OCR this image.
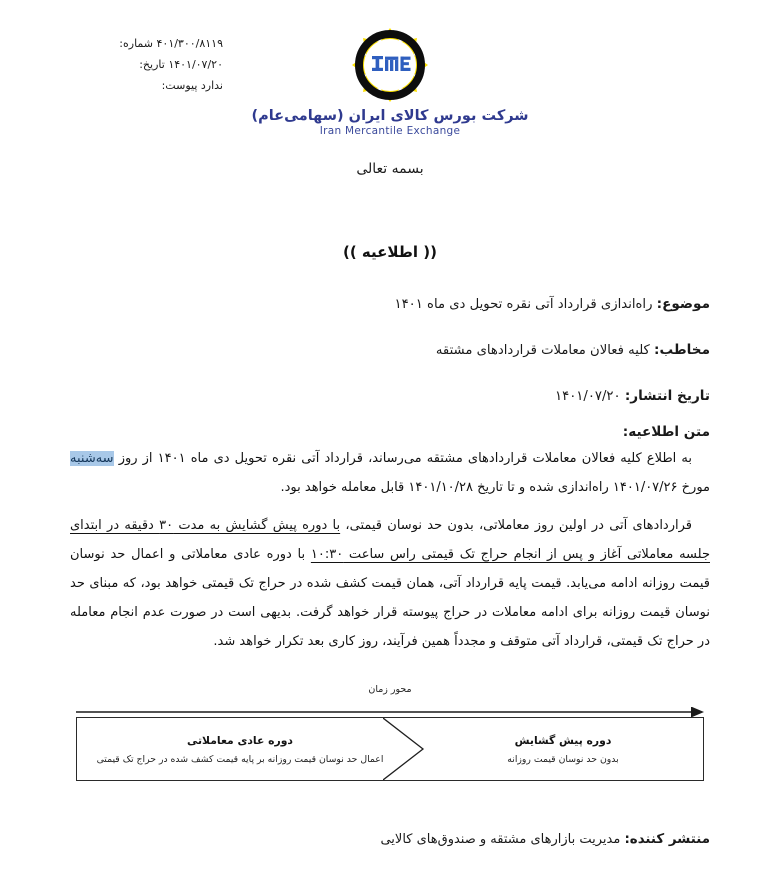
۴۰۱/۳۰۰/۸۱۱۹ شماره:
۱۴۰۱/۰۷/۲۰ تاریخ:
ندارد پیوست:
شرکت بورس کالای ایران (سهامی‌عام)
Iran Mercantile Exchange
بسمه تعالی
(( اطلاعیه ))
موضوع: راه‌اندازی قرارداد آتی نقره تحویل دی ماه ۱۴۰۱
مخاطب: کلیه فعالان معاملات قراردادهای مشتقه
تاریخ انتشار: ۱۴۰۱/۰۷/۲۰
متن اطلاعیه:

به اطلاع کلیه فعالان معاملات قراردادهای مشتقه می‌رساند، قرارداد آتی نقره تحویل دی ماه ۱۴۰۱ از روز سه‌شنبه مورخ ۱۴۰۱/۰۷/۲۶ راه‌اندازی شده و تا تاریخ ۱۴۰۱/۱۰/۲۸ قابل معامله خواهد بود.

قراردادهای آتی در اولین روز معاملاتی، بدون حد نوسان قیمتی، با دوره پیش گشایش به مدت ۳۰ دقیقه در ابتدای جلسه معاملاتی آغاز و پس از انجام حراج تک قیمتی راس ساعت ۱۰:۳۰ با دوره عادی معاملاتی و اعمال حد نوسان قیمت روزانه ادامه می‌یابد. قیمت پایه قرارداد آتی، همان قیمت کشف شده در حراج تک قیمتی خواهد بود، که مبنای حد نوسان قیمت روزانه برای ادامه معاملات در حراج پیوسته قرار خواهد گرفت. بدیهی است در صورت عدم انجام معامله در حراج تک قیمتی، قرارداد آتی متوقف و مجدداً همین فرآیند، روز کاری بعد تکرار خواهد شد.

محور زمان
دوره پیش گشایش
بدون حد نوسان قیمت روزانه
دوره عادی معاملاتی
اعمال حد نوسان قیمت روزانه بر پایه قیمت کشف شده در حراج تک قیمتی
منتشر کننده: مدیریت بازارهای مشتقه و صندوق‌های کالایی
